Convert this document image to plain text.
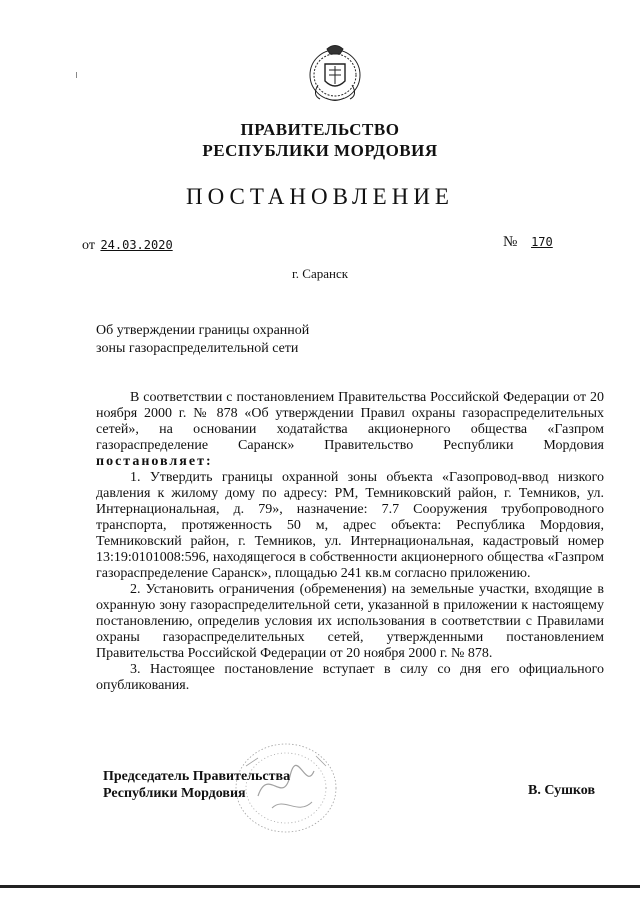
ПРАВИТЕЛЬСТВО
РЕСПУБЛИКИ МОРДОВИЯ
ПОСТАНОВЛЕНИЕ
от 24.03.2020	№ 170
г. Саранск
Об утверждении границы охранной
зоны газораспределительной сети

В соответствии с постановлением Правительства Российской Федерации от 20 ноября 2000 г. № 878 «Об утверждении Правил охраны газораспределительных сетей», на основании ходатайства акционерного общества «Газпром газораспределение Саранск» Правительство Республики Мордовия постановляет:

1. Утвердить границы охранной зоны объекта «Газопровод-ввод низкого давления к жилому дому по адресу: РМ, Темниковский район, г. Темников, ул. Интернациональная, д. 79», назначение: 7.7 Сооружения трубопроводного транспорта, протяженность 50 м, адрес объекта: Республика Мордовия, Темниковский район, г. Темников, ул. Интернациональная, кадастровый номер 13:19:0101008:596, находящегося в собственности акционерного общества «Газпром газораспределение Саранск», площадью 241 кв.м согласно приложению.

2. Установить ограничения (обременения) на земельные участки, входящие в охранную зону газораспределительной сети, указанной в приложении к настоящему постановлению, определив условия их использования в соответствии с Правилами охраны газораспределительных сетей, утвержденными постановлением Правительства Российской Федерации от 20 ноября 2000 г. № 878.

3. Настоящее постановление вступает в силу со дня его официального опубликования.

Председатель Правительства
Республики Мордовия	В. Сушков
